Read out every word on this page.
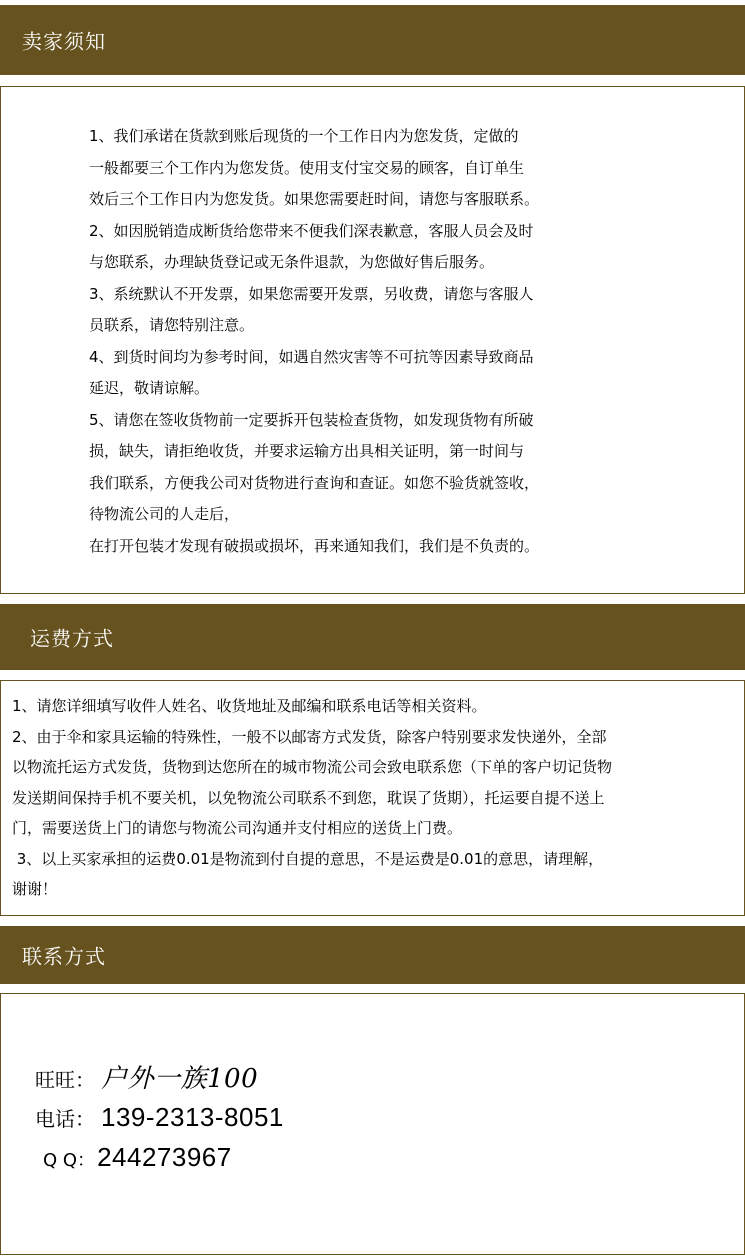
卖家须知

1、我们承诺在货款到账后现货的一个工作日内为您发货，定做的

一般都要三个工作内为您发货。使用支付宝交易的顾客，自订单生

效后三个工作日内为您发货。如果您需要赶时间，请您与客服联系。

2、如因脱销造成断货给您带来不便我们深表歉意，客服人员会及时

与您联系，办理缺货登记或无条件退款，为您做好售后服务。

3、系统默认不开发票，如果您需要开发票，另收费，请您与客服人

员联系，请您特别注意。

4、到货时间均为参考时间，如遇自然灾害等不可抗等因素导致商品

延迟，敬请谅解。

5、请您在签收货物前一定要拆开包装检查货物，如发现货物有所破

损，缺失，请拒绝收货，并要求运输方出具相关证明，第一时间与

我们联系，方便我公司对货物进行查询和查证。如您不验货就签收，

待物流公司的人走后，

在打开包装才发现有破损或损坏，再来通知我们，我们是不负责的。

运费方式

1、请您详细填写收件人姓名、收货地址及邮编和联系电话等相关资料。

2、由于伞和家具运输的特殊性，一般不以邮寄方式发货，除客户特别要求发快递外，全部

以物流托运方式发货，货物到达您所在的城市物流公司会致电联系您（下单的客户切记货物

发送期间保持手机不要关机，以免物流公司联系不到您，耽误了货期），托运要自提不送上

门，需要送货上门的请您与物流公司沟通并支付相应的送货上门费。

3、以上买家承担的运费0.01是物流到付自提的意思，不是运费是0.01的意思，请理解，

谢谢！

联系方式
旺旺： 户外一族100
电话： 139-2313-8051
Q Q： 244273967
